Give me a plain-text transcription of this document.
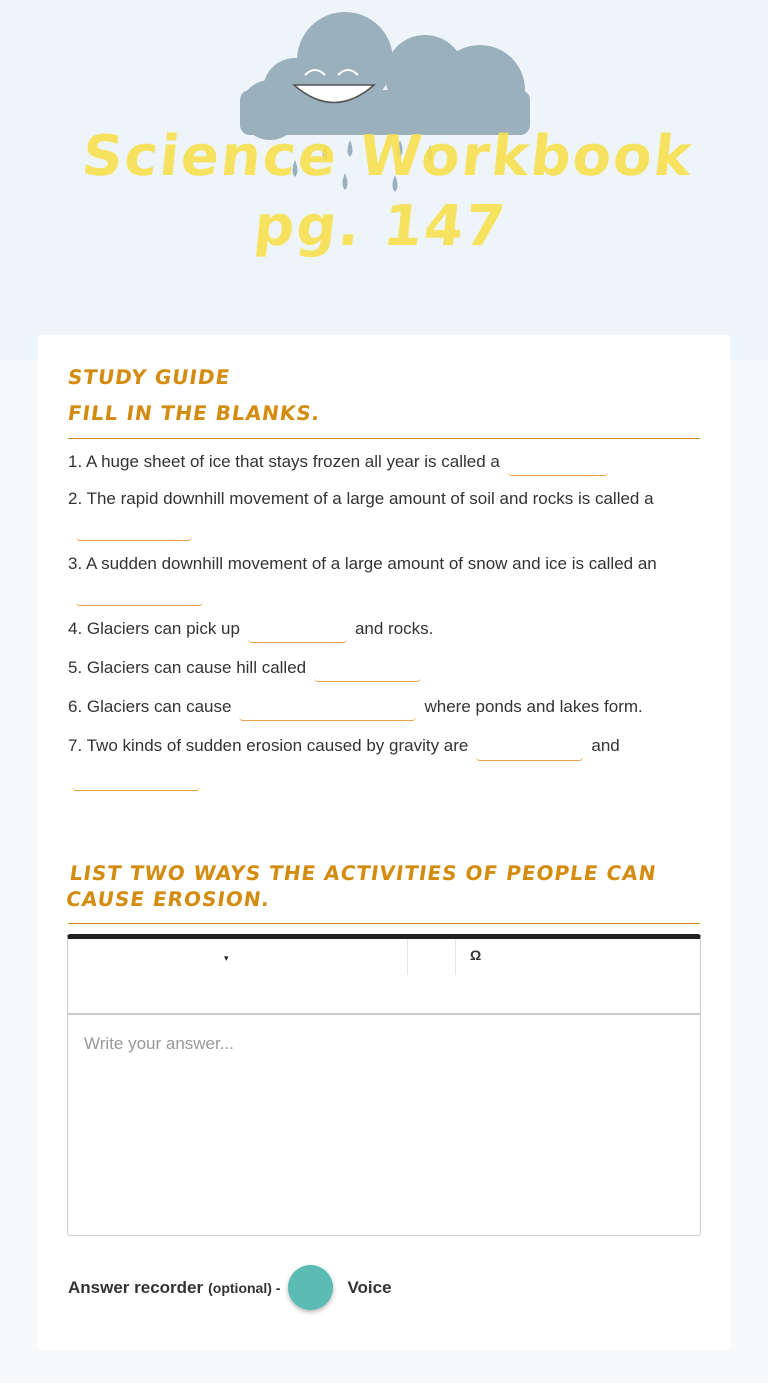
Science Workbook
pg. 147
STUDY GUIDE
FILL IN THE BLANKS.
1. A huge sheet of ice that stays frozen all year is called a
2. The rapid downhill movement of a large amount of soil and rocks is called a
3. A sudden downhill movement of a large amount of snow and ice is called an
4. Glaciers can pick up	and rocks.
5. Glaciers can cause hill called
6. Glaciers can cause	where ponds and lakes form.
7. Two kinds of sudden erosion caused by gravity are	and

LIST TWO WAYS THE ACTIVITIES OF PEOPLE CAN CAUSE EROSION.
▾	Ω
Write your answer...
Answer recorder (optional) -	Voice
